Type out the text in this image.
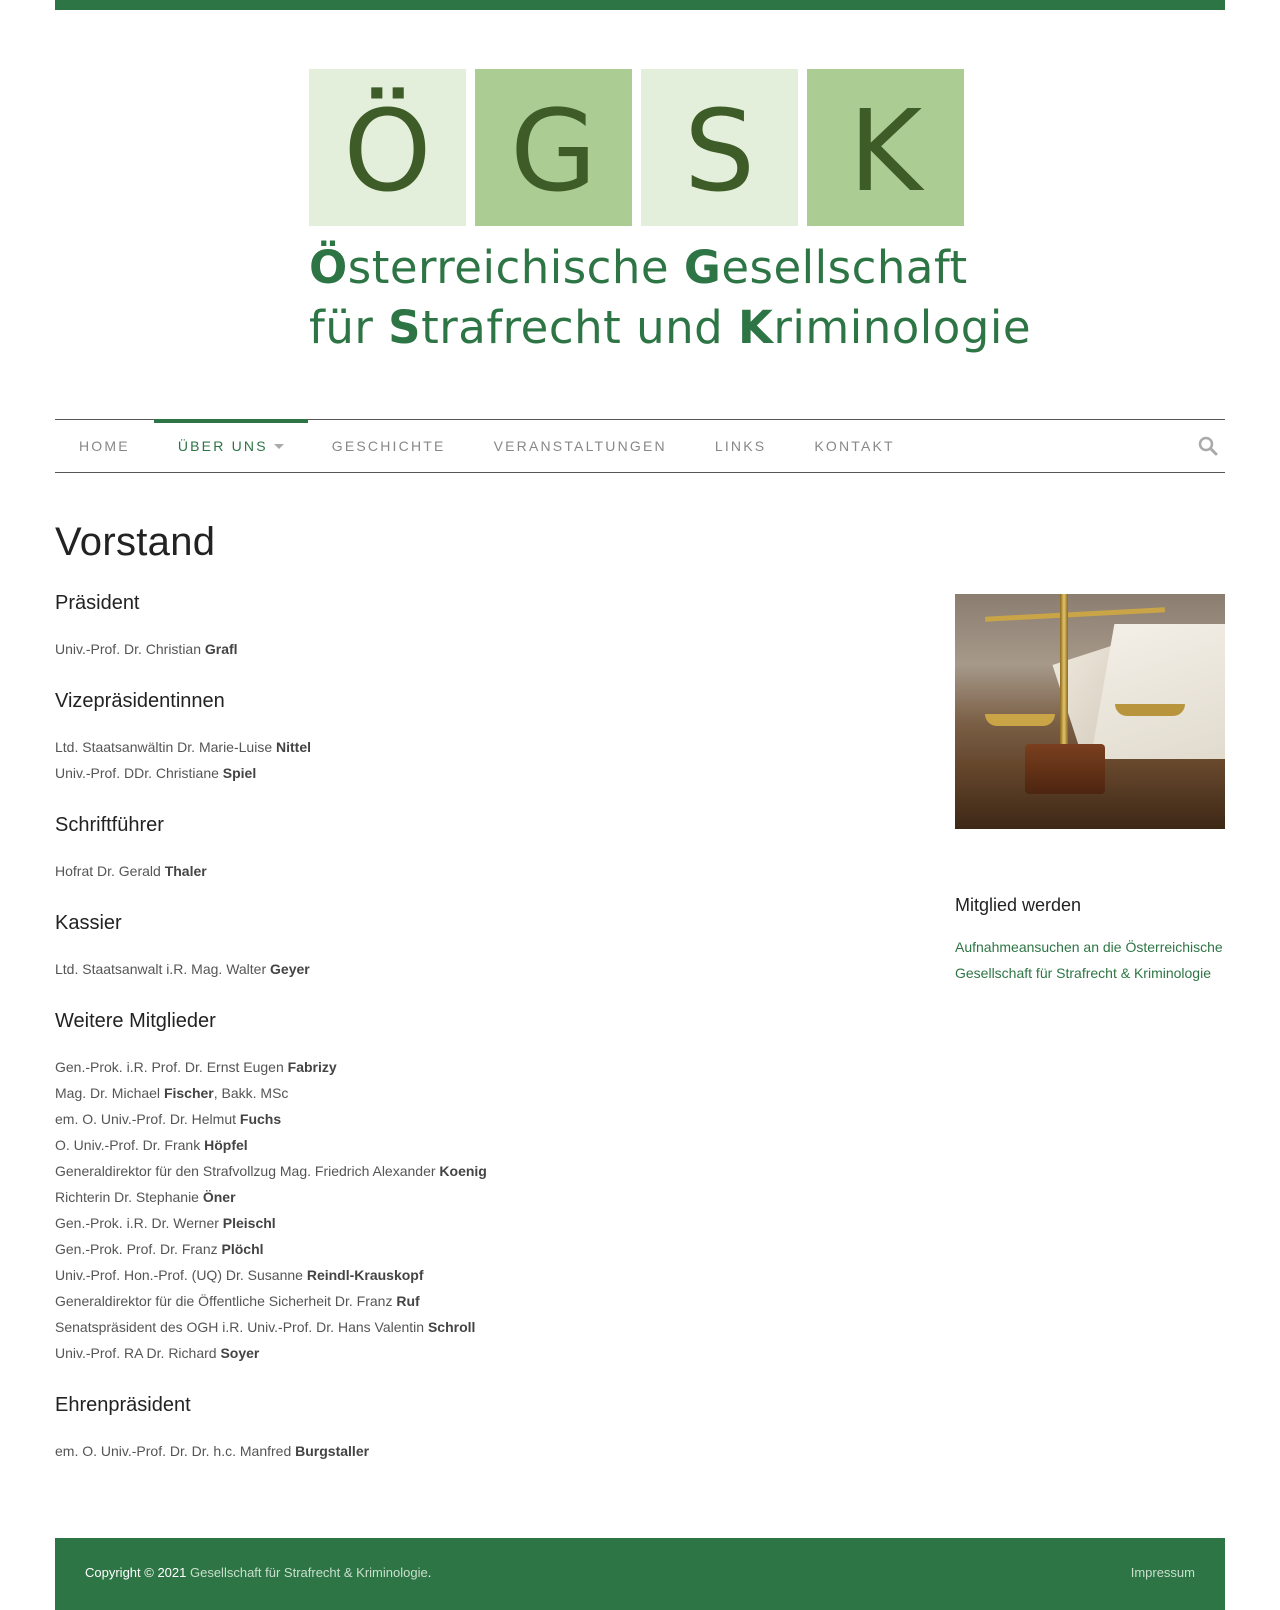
Ö G S K
Österreichische Gesellschaft
für Strafrecht und Kriminologie
HOME	ÜBER UNS	GESCHICHTE	VERANSTALTUNGEN	LINKS	KONTAKT
Vorstand
Präsident

Univ.-Prof. Dr. Christian Grafl

Vizepräsidentinnen

Ltd. Staatsanwältin Dr. Marie-Luise Nittel

Univ.-Prof. DDr. Christiane Spiel

Schriftführer

Hofrat Dr. Gerald Thaler

Kassier

Ltd. Staatsanwalt i.R. Mag. Walter Geyer

Weitere Mitglieder

Gen.-Prok. i.R. Prof. Dr. Ernst Eugen Fabrizy

Mag. Dr. Michael Fischer, Bakk. MSc

em. O. Univ.-Prof. Dr. Helmut Fuchs

O. Univ.-Prof. Dr. Frank Höpfel

Generaldirektor für den Strafvollzug Mag. Friedrich Alexander Koenig

Richterin Dr. Stephanie Öner

Gen.-Prok. i.R. Dr. Werner Pleischl

Gen.-Prok. Prof. Dr. Franz Plöchl

Univ.-Prof. Hon.-Prof. (UQ) Dr. Susanne Reindl-Krauskopf

Generaldirektor für die Öffentliche Sicherheit Dr. Franz Ruf

Senatspräsident des OGH i.R. Univ.-Prof. Dr. Hans Valentin Schroll

Univ.-Prof. RA Dr. Richard Soyer

Ehrenpräsident

em. O. Univ.-Prof. Dr. Dr. h.c. Manfred Burgstaller

Mitglied werden
Aufnahmeansuchen an die Österreichische Gesellschaft für Strafrecht & Kriminologie
Copyright © 2021 Gesellschaft für Strafrecht & Kriminologie.	Impressum
